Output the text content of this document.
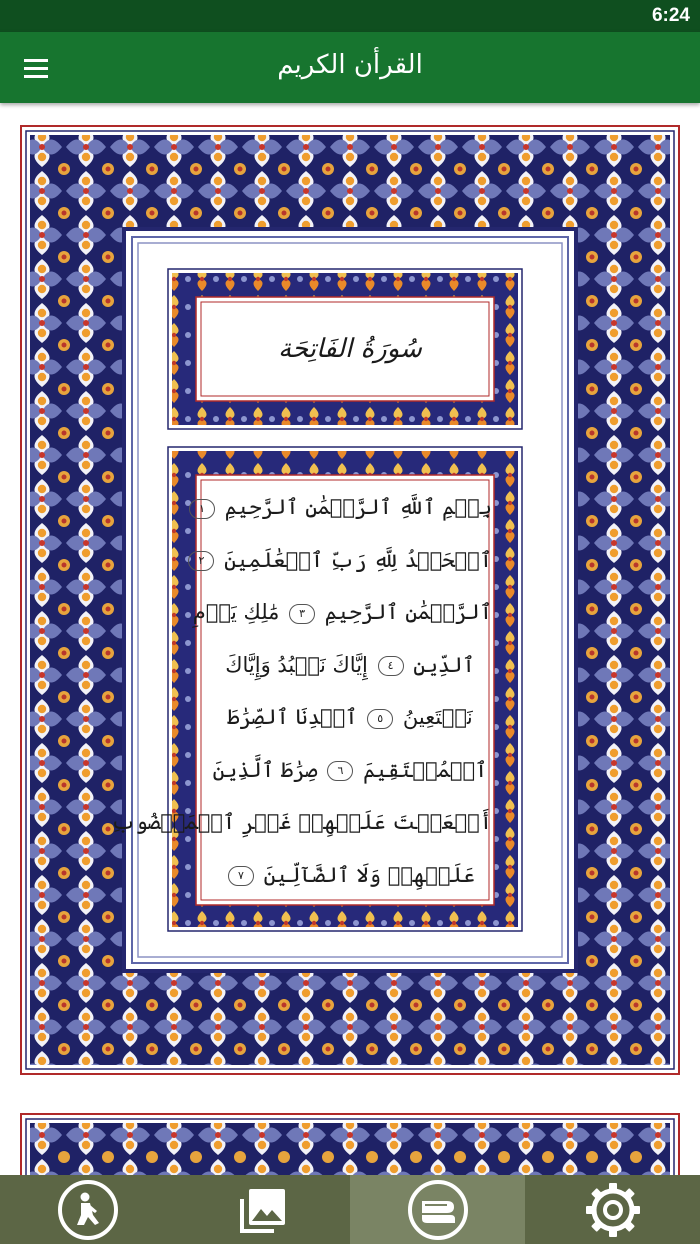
6:24
القرأن الكريم
سُورَةُ الفَاتِحَة
بِسۡمِ ٱللَّهِ ٱلرَّحۡمَٰنِ ٱلرَّحِيمِ ١
ٱلۡحَمۡدُ لِلَّهِ رَبِّ ٱلۡعَٰلَمِينَ ٢
ٱلرَّحۡمَٰنِ ٱلرَّحِيمِ ٣ مَٰلِكِ يَوۡمِ
ٱلدِّينِ ٤ إِيَّاكَ نَعۡبُدُ وَإِيَّاكَ
نَسۡتَعِينُ ٥ ٱهۡدِنَا ٱلصِّرَٰطَ
ٱلۡمُسۡتَقِيمَ ٦ صِرَٰطَ ٱلَّذِينَ
أَنۡعَمۡتَ عَلَيۡهِمۡ غَيۡرِ ٱلۡمَغۡضُوبِ
عَلَيۡهِمۡ وَلَا ٱلضَّآلِّينَ ٧
